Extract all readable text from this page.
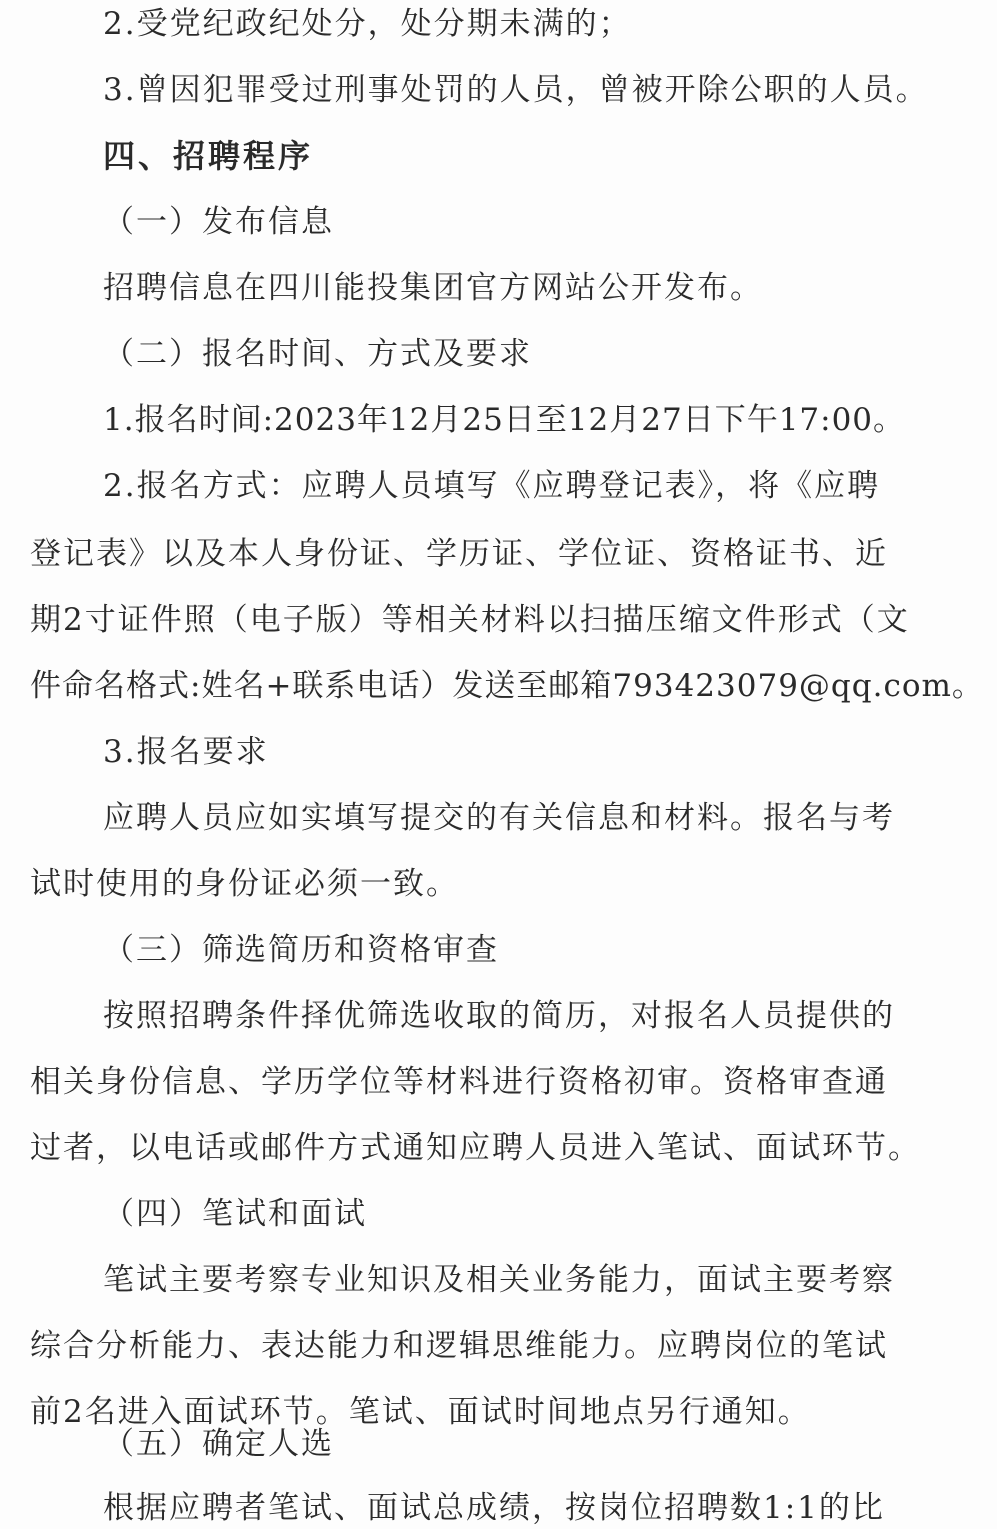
2.受党纪政纪处分，处分期未满的；

3.曾因犯罪受过刑事处罚的人员，曾被开除公职的人员。

四、招聘程序

（一）发布信息

招聘信息在四川能投集团官方网站公开发布。

（二）报名时间、方式及要求

1.报名时间:2023年12月25日至12月27日下午17:00。

2.报名方式：应聘人员填写《应聘登记表》，将《应聘

登记表》以及本人身份证、学历证、学位证、资格证书、近

期2寸证件照（电子版）等相关材料以扫描压缩文件形式（文

件命名格式:姓名+联系电话）发送至邮箱793423079@qq.com。

3.报名要求

应聘人员应如实填写提交的有关信息和材料。报名与考

试时使用的身份证必须一致。

（三）筛选简历和资格审查

按照招聘条件择优筛选收取的简历，对报名人员提供的

相关身份信息、学历学位等材料进行资格初审。资格审查通

过者，以电话或邮件方式通知应聘人员进入笔试、面试环节。

（四）笔试和面试

笔试主要考察专业知识及相关业务能力，面试主要考察

综合分析能力、表达能力和逻辑思维能力。应聘岗位的笔试

前2名进入面试环节。笔试、面试时间地点另行通知。

（五）确定人选

根据应聘者笔试、面试总成绩，按岗位招聘数1:1的比
